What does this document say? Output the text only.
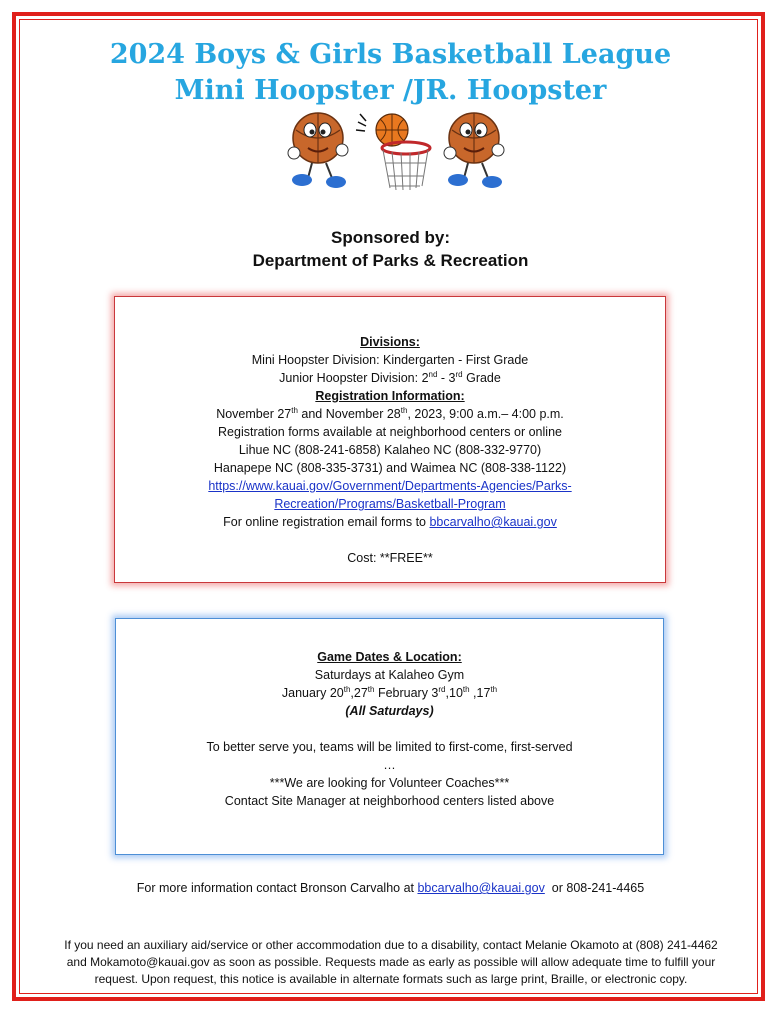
2024 Boys & Girls Basketball League
Mini Hoopster /JR. Hoopster
Sponsored by:
Department of Parks & Recreation
Divisions:
Mini Hoopster Division: Kindergarten - First Grade
Junior Hoopster Division: 2nd - 3rd Grade
Registration Information:
November 27th and November 28th, 2023, 9:00 a.m.– 4:00 p.m.
Registration forms available at neighborhood centers or online
Lihue NC (808-241-6858) Kalaheo NC (808-332-9770)
Hanapepe NC (808-335-3731) and Waimea NC (808-338-1122)
https://www.kauai.gov/Government/Departments-Agencies/Parks-
Recreation/Programs/Basketball-Program
For online registration email forms to bbcarvalho@kauai.gov

Cost: **FREE**
Game Dates & Location:
Saturdays at Kalaheo Gym
January 20th,27th February 3rd,10th ,17th
(All Saturdays)

To better serve you, teams will be limited to first-come, first-served
…
***We are looking for Volunteer Coaches***
Contact Site Manager at neighborhood centers listed above
For more information contact Bronson Carvalho at bbcarvalho@kauai.gov  or 808-241-4465
If you need an auxiliary aid/service or other accommodation due to a disability, contact Melanie Okamoto at (808) 241-4462
and Mokamoto@kauai.gov as soon as possible. Requests made as early as possible will allow adequate time to fulfill your
request. Upon request, this notice is available in alternate formats such as large print, Braille, or electronic copy.
